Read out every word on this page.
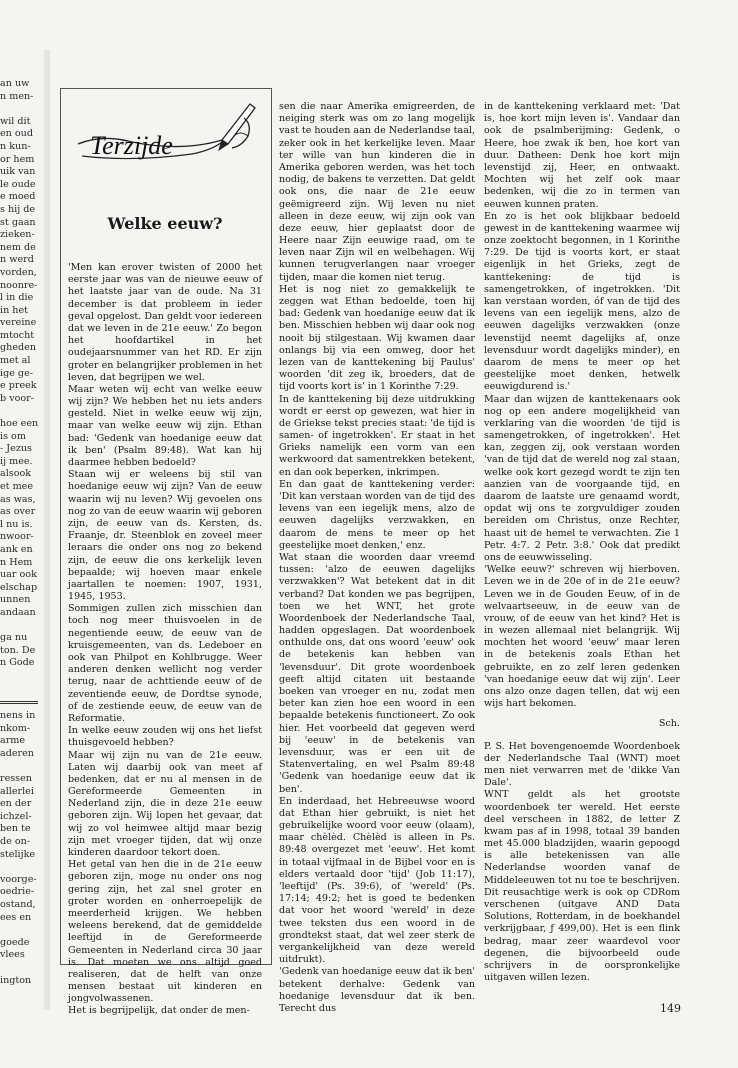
an uw
n men-

wil dit
en oud
n kun-
or hem
uik van
le oude
e moed
s hij de
st gaan
zieken-
nem de
n werd
vorden,
noonre-
l in die
in het
vereine
mtocht
gheden
met al
ige ge-
e preek
b voor-

hoe een
is om
- Jezus
ij mee.
alsook
et mee
as was,
as over
l nu is.
nwoor-
ank en
n Hem
uar ook
elschap
unnen
andaan

ga nu
ton. De
n Gode

nens in
nkom-
arme
aderen

ressen
allerlei
en der
ichzel-
ben te
de on-
stelijke

voorge-
oedrie-
ostand,
ees en

goede
vlees

ington
Terzijde
Welke eeuw?

'Men kan erover twisten of 2000 het eerste jaar was van de nieuwe eeuw of het laatste jaar van de oude. Na 31 december is dat probleem in ieder geval opgelost. Dan geldt voor iedereen dat we leven in de 21e eeuw.' Zo begon het hoofdartikel in het oudejaarsnummer van het RD. Er zijn groter en belangrijker problemen in het leven, dat begrijpen we wel.

Maar weten wij echt van welke eeuw wij zijn? We hebben het nu iets anders gesteld. Niet in welke eeuw wij zijn, maar van welke eeuw wij zijn. Ethan bad: 'Gedenk van hoedanige eeuw dat ik ben' (Psalm 89:48). Wat kan hij daarmee hebben bedoeld?

Staan wij er weleens bij stil van hoedanige eeuw wij zijn? Van de eeuw waarin wij nu leven? Wij gevoelen ons nog zo van de eeuw waarin wij geboren zijn, de eeuw van ds. Kersten, ds. Fraanje, dr. Steenblok en zoveel meer leraars die onder ons nog zo bekend zijn, de eeuw die ons kerkelijk leven bepaalde; wij hoeven maar enkele jaartallen te noemen: 1907, 1931, 1945, 1953.

Sommigen zullen zich misschien dan toch nog meer thuisvoelen in de negentiende eeuw, de eeuw van de kruisgemeenten, van ds. Ledeboer en ook van Philpot en Kohlbrugge. Weer anderen denken wellicht nog verder terug, naar de achttiende eeuw of de zeventiende eeuw, de Dordtse synode, of de zestiende eeuw, de eeuw van de Reformatie.

In welke eeuw zouden wij ons het liefst thuisgevoeld hebben?

Maar wij zijn nu van de 21e eeuw. Laten wij daarbij ook van meet af bedenken, dat er nu al mensen in de Gereformeerde Gemeenten in Nederland zijn, die in deze 21e eeuw geboren zijn. Wij lopen het gevaar, dat wij zo vol heimwee altijd maar bezig zijn met vroeger tijden, dat wij onze kinderen daardoor tekort doen.

Het getal van hen die in de 21e eeuw geboren zijn, moge nu onder ons nog gering zijn, het zal snel groter en groter worden en onherroepelijk de meerderheid krijgen. We hebben weleens berekend, dat de gemiddelde leeftijd in de Gereformeerde Gemeenten in Nederland circa 30 jaar is. Dat moeten we ons altijd goed realiseren, dat de helft van onze mensen bestaat uit kinderen en jongvolwassenen.

Het is begrijpelijk, dat onder de men-

sen die naar Amerika emigreerden, de neiging sterk was om zo lang mogelijk vast te houden aan de Nederlandse taal, zeker ook in het kerkelijke leven. Maar ter wille van hun kinderen die in Amerika geboren werden, was het toch nodig, de bakens te verzetten. Dat geldt ook ons, die naar de 21e eeuw geëmigreerd zijn. Wij leven nu niet alleen in deze eeuw, wij zijn ook van deze eeuw, hier geplaatst door de Heere naar Zijn eeuwige raad, om te leven naar Zijn wil en welbehagen. Wij kunnen terugverlangen naar vroeger tijden, maar die komen niet terug.

Het is nog niet zo gemakkelijk te zeggen wat Ethan bedoelde, toen hij bad: Gedenk van hoedanige eeuw dat ik ben. Misschien hebben wij daar ook nog nooit bij stilgestaan. Wij kwamen daar onlangs bij via een omweg, door het lezen van de kanttekening bij Paulus' woorden 'dit zeg ik, broeders, dat de tijd voorts kort is' in 1 Korinthe 7:29.

In de kanttekening bij deze uitdrukking wordt er eerst op gewezen, wat hier in de Griekse tekst precies staat: 'de tijd is samen- of ingetrokken'. Er staat in het Grieks namelijk een vorm van een werkwoord dat samentrekken betekent, en dan ook beperken, inkrimpen.

En dan gaat de kanttekening verder: 'Dit kan verstaan worden van de tijd des levens van een iegelijk mens, alzo de eeuwen dagelijks verzwakken, en daarom de mens te meer op het geestelijke moet denken,' enz.

Wat staan die woorden daar vreemd tussen: 'alzo de eeuwen dagelijks verzwakken'? Wat betekent dat in dit verband? Dat konden we pas begrijpen, toen we het WNT, het grote Woordenboek der Nederlandsche Taal, hadden opgeslagen. Dat woordenboek onthulde ons, dat ons woord 'eeuw' ook de betekenis kan hebben van 'levensduur'. Dit grote woordenboek geeft altijd citaten uit bestaande boeken van vroeger en nu, zodat men beter kan zien hoe een woord in een bepaalde betekenis functioneert. Zo ook hier. Het voorbeeld dat gegeven werd bij 'eeuw' in de betekenis van levensduur, was er een uit de Statenvertaling, en wel Psalm 89:48 'Gedenk van hoedanige eeuw dat ik ben'.

En inderdaad, het Hebreeuwse woord dat Ethan hier gebruikt, is niet het gebruikelijke woord voor eeuw (olaam), maar chèlèd. Chèlèd is alleen in Ps. 89:48 overgezet met 'eeuw'. Het komt in totaal vijfmaal in de Bijbel voor en is elders vertaald door 'tijd' (Job 11:17), 'leeftijd' (Ps. 39:6), of 'wereld' (Ps. 17:14; 49:2; het is goed te bedenken dat voor het woord 'wereld' in deze twee teksten dus een woord in de grondtekst staat, dat wel zeer sterk de vergankelijkheid van deze wereld uitdrukt).

'Gedenk van hoedanige eeuw dat ik ben' betekent derhalve: Gedenk van hoedanige levensduur dat ik ben. Terecht dus

in de kanttekening verklaard met: 'Dat is, hoe kort mijn leven is'. Vandaar dan ook de psalmberijming: Gedenk, o Heere, hoe zwak ik ben, hoe kort van duur. Datheen: Denk hoe kort mijn levenstijd zij, Heer, en ontwaakt. Mochten wij het zelf ook maar bedenken, wij die zo in termen van eeuwen kunnen praten.

En zo is het ook blijkbaar bedoeld gewest in de kanttekening waarmee wij onze zoektocht begonnen, in 1 Korinthe 7:29. De tijd is voorts kort, er staat eigenlijk in het Grieks, zegt de kanttekening: de tijd is samengetrokken, of ingetrokken. 'Dit kan verstaan worden, óf van de tijd des levens van een iegelijk mens, alzo de eeuwen dagelijks verzwakken (onze levenstijd neemt dagelijks af, onze levensduur wordt dagelijks minder), en daarom de mens te meer op het geestelijke moet denken, hetwelk eeuwigdurend is.'

Maar dan wijzen de kanttekenaars ook nog op een andere mogelijkheid van verklaring van die woorden 'de tijd is samengetrokken, of ingetrokken'. Het kan, zeggen zij, ook verstaan worden 'van de tijd dat de wereld nog zal staan, welke ook kort gezegd wordt te zijn ten aanzien van de voorgaande tijd, en daarom de laatste ure genaamd wordt, opdat wij ons te zorgvuldiger zouden bereiden om Christus, onze Rechter, haast uit de hemel te verwachten. Zie 1 Petr. 4:7. 2 Petr. 3:8.' Ook dat predikt ons de eeuwwisseling.

'Welke eeuw?' schreven wij hierboven. Leven we in de 20e of in de 21e eeuw? Leven we in de Gouden Eeuw, of in de welvaartseeuw, in de eeuw van de vrouw, of de eeuw van het kind? Het is in wezen allemaal niet belangrijk. Wij mochten het woord 'eeuw' maar leren in de betekenis zoals Ethan het gebruikte, en zo zelf leren gedenken 'van hoedanige eeuw dat wij zijn'. Leer ons alzo onze dagen tellen, dat wij een wijs hart bekomen.

Sch.

P. S. Het bovengenoemde Woordenboek der Nederlandsche Taal (WNT) moet men niet verwarren met de 'dikke Van Dale'.

WNT geldt als het grootste woordenboek ter wereld. Het eerste deel verscheen in 1882, de letter Z kwam pas af in 1998, totaal 39 banden met 45.000 bladzijden, waarin gepoogd is alle betekenissen van alle Nederlandse woorden vanaf de Middeleeuwen tot nu toe te beschrijven. Dit reusachtige werk is ook op CDRom verschenen (uitgave AND Data Solutions, Rotterdam, in de boekhandel verkrijgbaar, ƒ 499,00). Het is een flink bedrag, maar zeer waardevol voor degenen, die bijvoorbeeld oude schrijvers in de oorspronkelijke uitgaven willen lezen.

149
